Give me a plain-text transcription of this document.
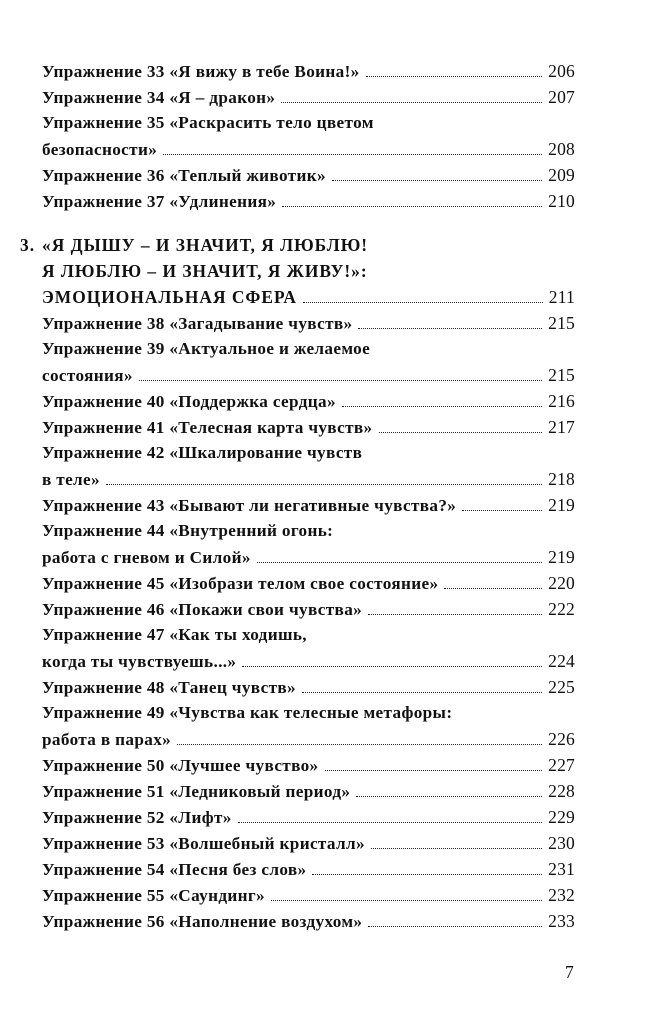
Упражнение 33 «Я вижу в тебе Воина!»	206
Упражнение 34 «Я – дракон»	207
Упражнение 35 «Раскрасить тело цветом
безопасности»	208
Упражнение 36 «Теплый животик»	209
Упражнение 37 «Удлинения»	210
3. «Я ДЫШУ – И ЗНАЧИТ, Я ЛЮБЛЮ!
Я ЛЮБЛЮ – И ЗНАЧИТ, Я ЖИВУ!»:
ЭМОЦИОНАЛЬНАЯ СФЕРА	211
Упражнение 38 «Загадывание чувств»	215
Упражнение 39 «Актуальное и желаемое
состояния»	215
Упражнение 40 «Поддержка сердца»	216
Упражнение 41 «Телесная карта чувств»	217
Упражнение 42 «Шкалирование чувств
в теле»	218
Упражнение 43 «Бывают ли негативные чувства?»	219
Упражнение 44 «Внутренний огонь:
работа с гневом и Силой»	219
Упражнение 45 «Изобрази телом свое состояние»	220
Упражнение 46 «Покажи свои чувства»	222
Упражнение 47 «Как ты ходишь,
когда ты чувствуешь...»	224
Упражнение 48 «Танец чувств»	225
Упражнение 49 «Чувства как телесные метафоры:
работа в парах»	226
Упражнение 50 «Лучшее чувство»	227
Упражнение 51 «Ледниковый период»	228
Упражнение 52 «Лифт»	229
Упражнение 53 «Волшебный кристалл»	230
Упражнение 54 «Песня без слов»	231
Упражнение 55 «Саундинг»	232
Упражнение 56 «Наполнение воздухом»	233
7
